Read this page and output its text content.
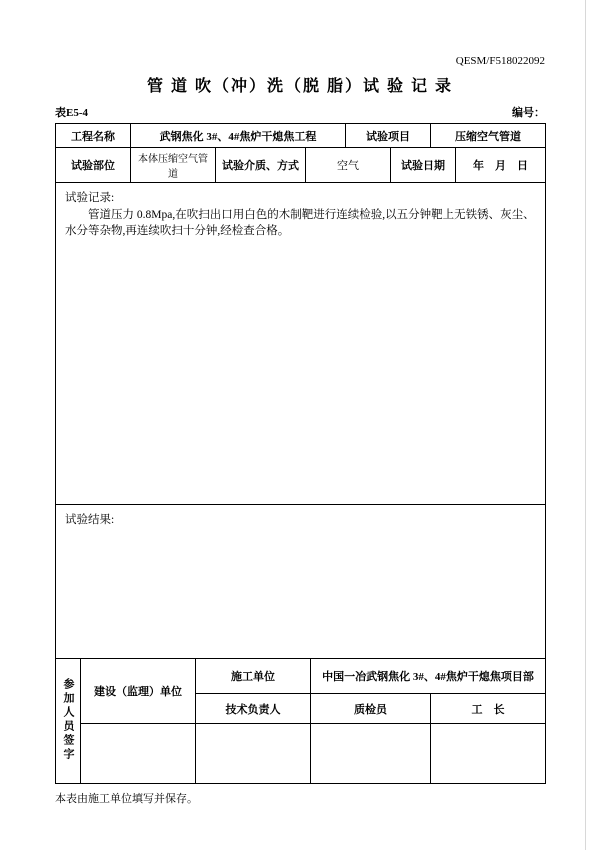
QESM/F518022092
管 道 吹（冲）洗（脱 脂）试 验 记 录
表E5-4	编号：
工程名称	武钢焦化 3#、4#焦炉干熄焦工程			试验项目		压缩空气管道	
试验部位	本体压缩空气管道	试验介质、方式	空气		试验日期		年　月　日

试验记录:
管道压力 0.8Mpa,在吹扫出口用白色的木制靶进行连续检验,以五分钟靶上无铁锈、灰尘、水分等杂物,再连续吹扫十分钟,经检查合格。							

试验结果:							
参加人员签字	建设（监理）单位	施工单位	中国一冶武钢焦化 3#、4#焦炉干熄焦项目部	
		技术负责人	质检员	工　长

本表由施工单位填写并保存。
